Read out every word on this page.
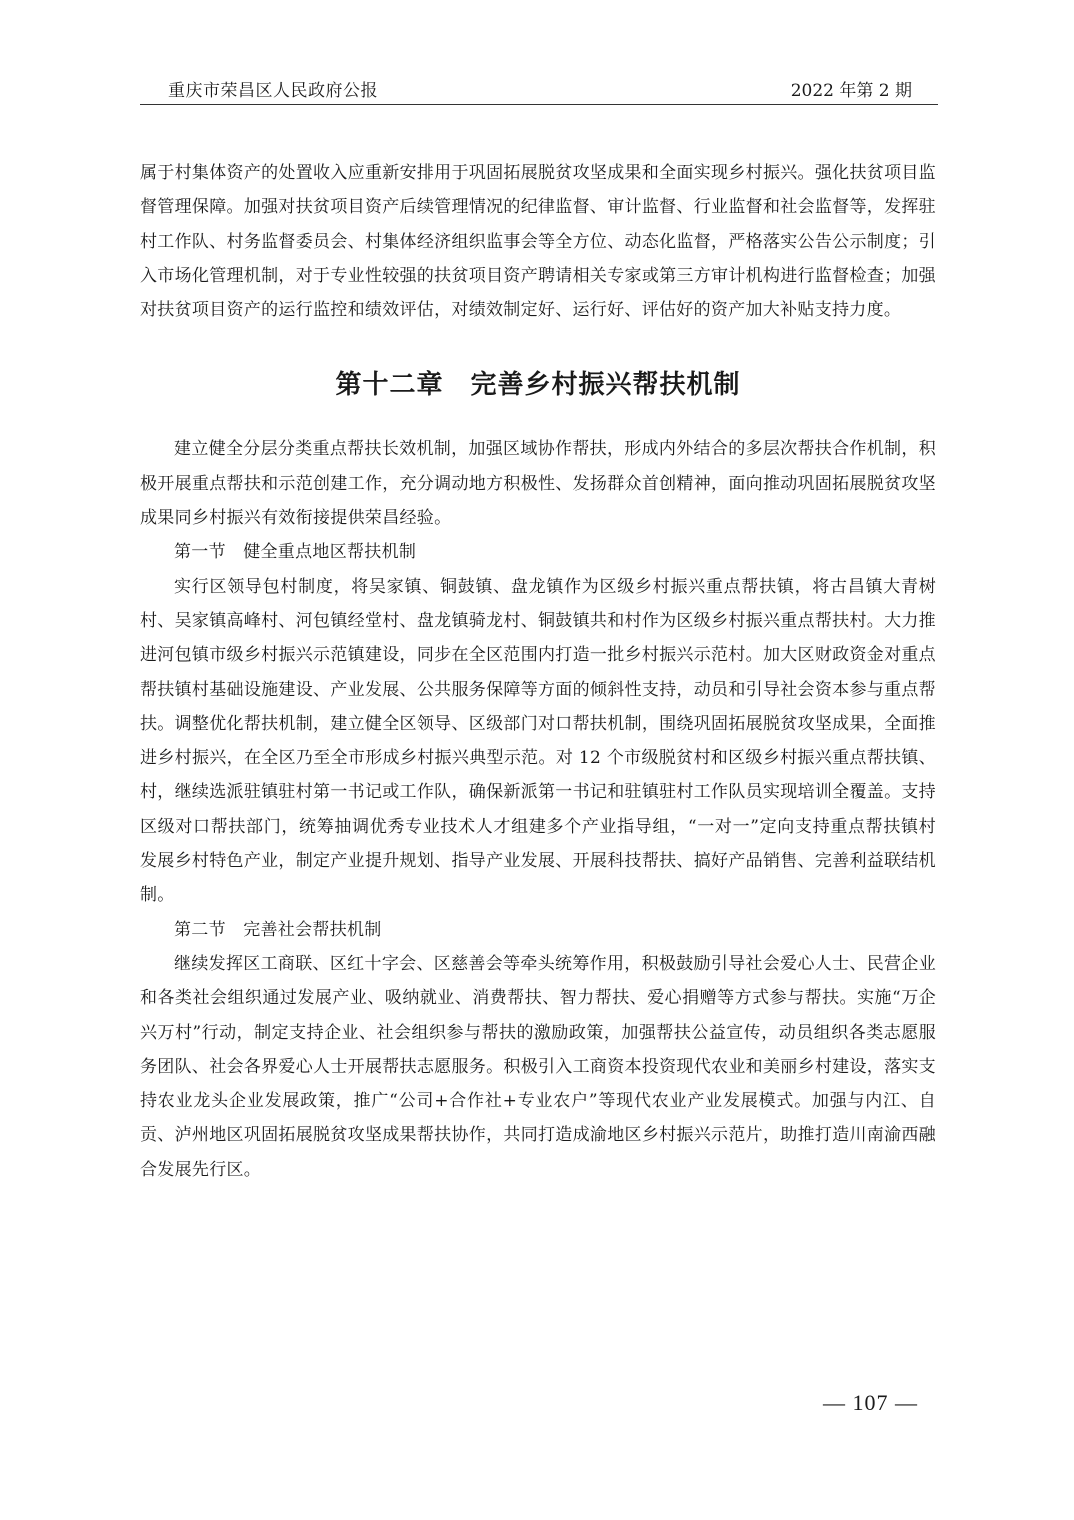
重庆市荣昌区人民政府公报	2022 年第 2 期

属于村集体资产的处置收入应重新安排用于巩固拓展脱贫攻坚成果和全面实现乡村振兴。强化扶贫项目监督管理保障。加强对扶贫项目资产后续管理情况的纪律监督、审计监督、行业监督和社会监督等，发挥驻村工作队、村务监督委员会、村集体经济组织监事会等全方位、动态化监督，严格落实公告公示制度；引入市场化管理机制，对于专业性较强的扶贫项目资产聘请相关专家或第三方审计机构进行监督检查；加强对扶贫项目资产的运行监控和绩效评估，对绩效制定好、运行好、评估好的资产加大补贴支持力度。

第十二章　完善乡村振兴帮扶机制

建立健全分层分类重点帮扶长效机制，加强区域协作帮扶，形成内外结合的多层次帮扶合作机制，积极开展重点帮扶和示范创建工作，充分调动地方积极性、发扬群众首创精神，面向推动巩固拓展脱贫攻坚成果同乡村振兴有效衔接提供荣昌经验。

第一节　健全重点地区帮扶机制

实行区领导包村制度，将吴家镇、铜鼓镇、盘龙镇作为区级乡村振兴重点帮扶镇，将古昌镇大青树村、吴家镇高峰村、河包镇经堂村、盘龙镇骑龙村、铜鼓镇共和村作为区级乡村振兴重点帮扶村。大力推进河包镇市级乡村振兴示范镇建设，同步在全区范围内打造一批乡村振兴示范村。加大区财政资金对重点帮扶镇村基础设施建设、产业发展、公共服务保障等方面的倾斜性支持，动员和引导社会资本参与重点帮扶。调整优化帮扶机制，建立健全区领导、区级部门对口帮扶机制，围绕巩固拓展脱贫攻坚成果，全面推进乡村振兴，在全区乃至全市形成乡村振兴典型示范。对 12 个市级脱贫村和区级乡村振兴重点帮扶镇、村，继续选派驻镇驻村第一书记或工作队，确保新派第一书记和驻镇驻村工作队员实现培训全覆盖。支持区级对口帮扶部门，统筹抽调优秀专业技术人才组建多个产业指导组，“一对一”定向支持重点帮扶镇村发展乡村特色产业，制定产业提升规划、指导产业发展、开展科技帮扶、搞好产品销售、完善利益联结机制。

第二节　完善社会帮扶机制

继续发挥区工商联、区红十字会、区慈善会等牵头统筹作用，积极鼓励引导社会爱心人士、民营企业和各类社会组织通过发展产业、吸纳就业、消费帮扶、智力帮扶、爱心捐赠等方式参与帮扶。实施“万企兴万村”行动，制定支持企业、社会组织参与帮扶的激励政策，加强帮扶公益宣传，动员组织各类志愿服务团队、社会各界爱心人士开展帮扶志愿服务。积极引入工商资本投资现代农业和美丽乡村建设，落实支持农业龙头企业发展政策，推广“公司+合作社+专业农户”等现代农业产业发展模式。加强与内江、自贡、泸州地区巩固拓展脱贫攻坚成果帮扶协作，共同打造成渝地区乡村振兴示范片，助推打造川南渝西融合发展先行区。

— 107 —
